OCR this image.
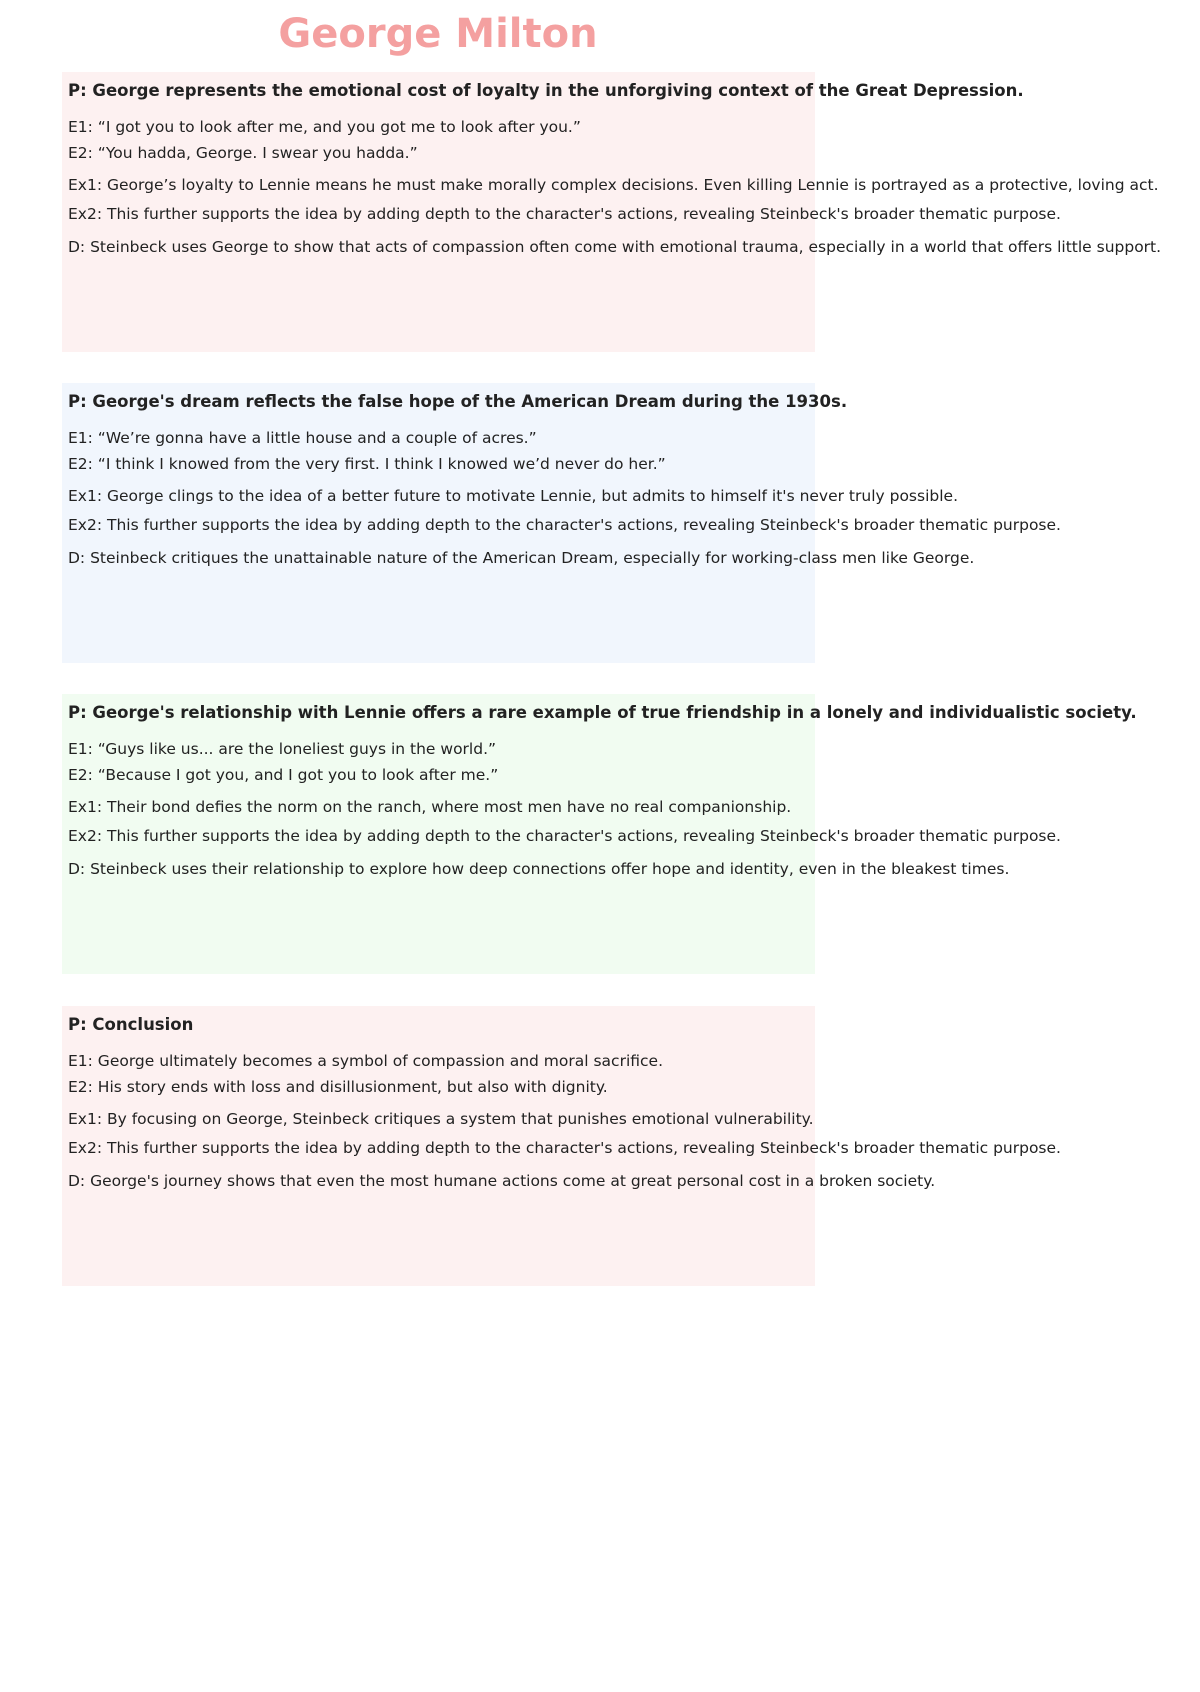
George Milton
P: George represents the emotional cost of loyalty in the unforgiving context of the Great Depression.
E1: “I got you to look after me, and you got me to look after you.”
E2: “You hadda, George. I swear you hadda.”
Ex1: George’s loyalty to Lennie means he must make morally complex decisions. Even killing Lennie is portrayed as a protective, loving act.
Ex2: This further supports the idea by adding depth to the character's actions, revealing Steinbeck's broader thematic purpose.
D: Steinbeck uses George to show that acts of compassion often come with emotional trauma, especially in a world that offers little support.
P: George's dream reflects the false hope of the American Dream during the 1930s.
E1: “We’re gonna have a little house and a couple of acres.”
E2: “I think I knowed from the very first. I think I knowed we’d never do her.”
Ex1: George clings to the idea of a better future to motivate Lennie, but admits to himself it's never truly possible.
Ex2: This further supports the idea by adding depth to the character's actions, revealing Steinbeck's broader thematic purpose.
D: Steinbeck critiques the unattainable nature of the American Dream, especially for working-class men like George.
P: George's relationship with Lennie offers a rare example of true friendship in a lonely and individualistic society.
E1: “Guys like us... are the loneliest guys in the world.”
E2: “Because I got you, and I got you to look after me.”
Ex1: Their bond defies the norm on the ranch, where most men have no real companionship.
Ex2: This further supports the idea by adding depth to the character's actions, revealing Steinbeck's broader thematic purpose.
D: Steinbeck uses their relationship to explore how deep connections offer hope and identity, even in the bleakest times.
P: Conclusion
E1: George ultimately becomes a symbol of compassion and moral sacrifice.
E2: His story ends with loss and disillusionment, but also with dignity.
Ex1: By focusing on George, Steinbeck critiques a system that punishes emotional vulnerability.
Ex2: This further supports the idea by adding depth to the character's actions, revealing Steinbeck's broader thematic purpose.
D: George's journey shows that even the most humane actions come at great personal cost in a broken society.
